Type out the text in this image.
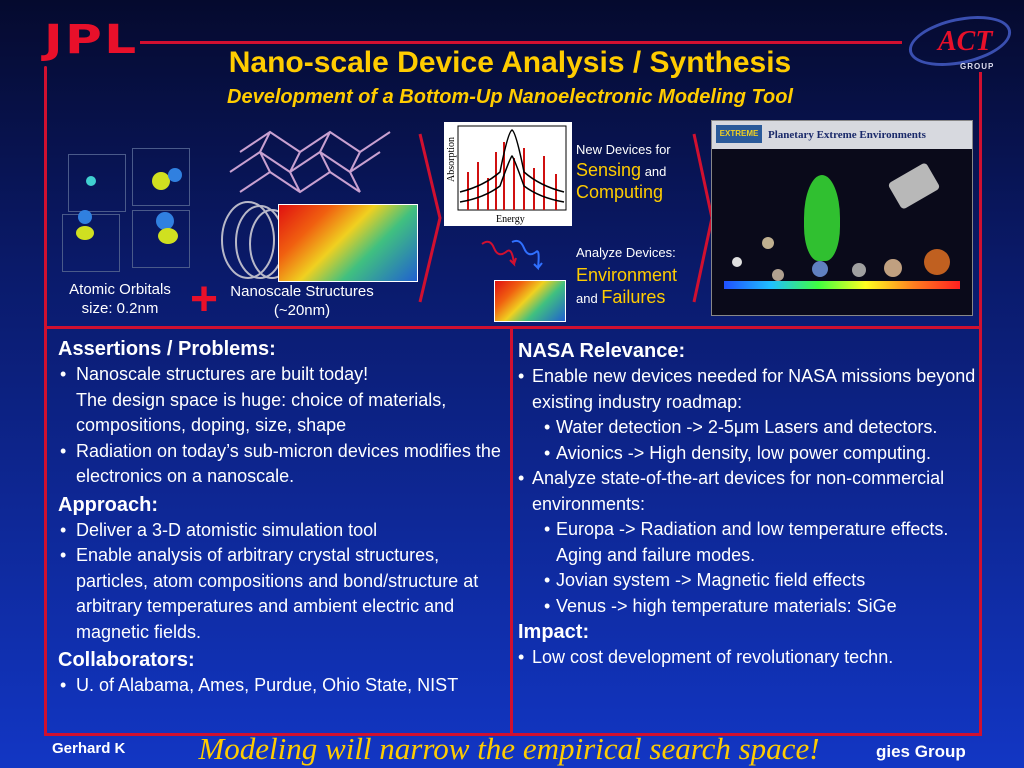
JPL	ACT
GROUP
Nano-scale Device Analysis / Synthesis
Development of a Bottom-Up Nanoelectronic Modeling Tool
Atomic Orbitals size: 0.2nm + Nanoscale Structures (~20nm)
Absorption
Energy
New Devices for
Sensing and
Computing
Analyze Devices:
Environment
and Failures
EXTREME Planetary Extreme Environments
Assertions / Problems:
• Nanoscale structures are built today!
The design space is huge: choice of materials, compositions, doping, size, shape
• Radiation on today’s sub-micron devices modifies the electronics on a nanoscale.
Approach:
• Deliver a 3-D atomistic simulation tool
• Enable analysis of arbitrary crystal structures, particles, atom compositions and bond/structure at arbitrary temperatures and ambient electric and magnetic fields.
Collaborators:
• U. of Alabama, Ames, Purdue, Ohio State, NIST
NASA Relevance:
• Enable new devices needed for NASA missions beyond existing industry roadmap:
• Water detection -> 2-5μm Lasers and detectors.
• Avionics -> High density, low power computing.
• Analyze state-of-the-art devices for non-commercial environments:
• Europa -> Radiation and low temperature effects. Aging and failure modes.
• Jovian system -> Magnetic field effects
• Venus -> high temperature materials: SiGe
Impact:
• Low cost development of revolutionary techn.
Gerhard K	Modeling will narrow the empirical search space!	gies Group
